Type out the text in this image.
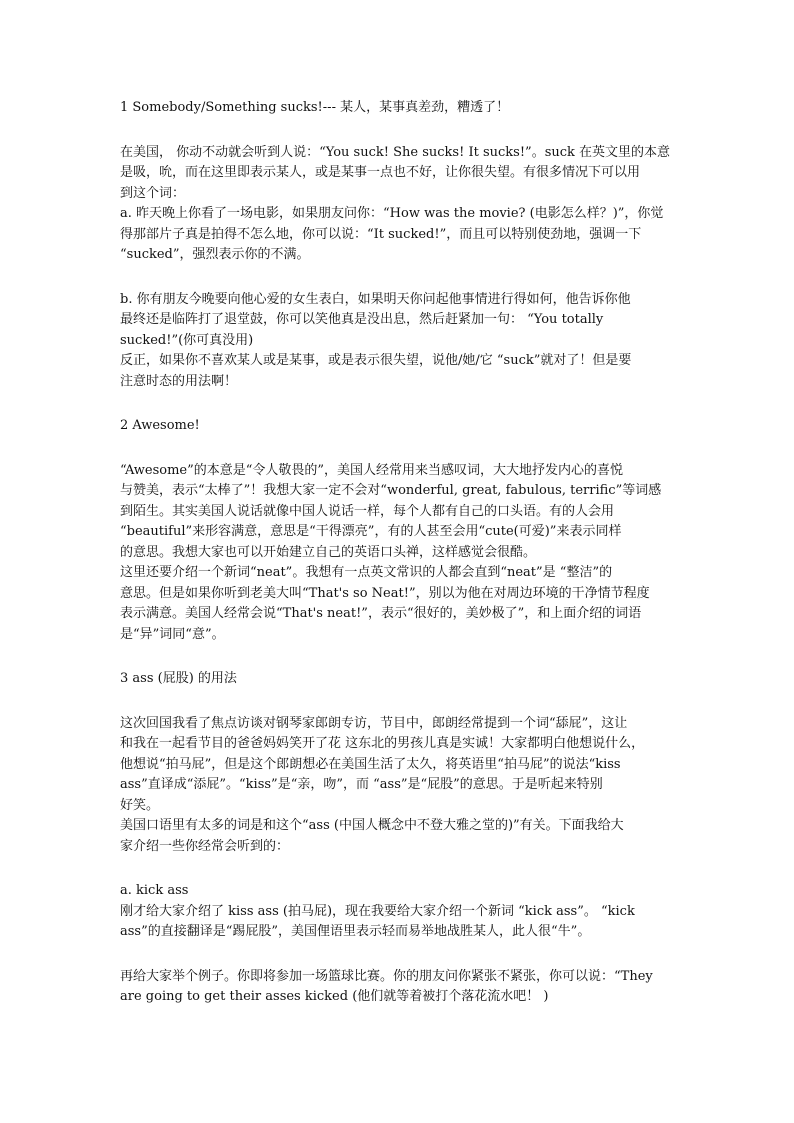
1 Somebody/Something sucks!--- 某人，某事真差劲，糟透了！
在美国， 你动不动就会听到人说：“You suck! She sucks! It sucks!”。suck 在英文里的本意
是吸，吮，而在这里即表示某人，或是某事一点也不好，让你很失望。有很多情况下可以用
到这个词：
a. 昨天晚上你看了一场电影，如果朋友问你：“How was the movie? (电影怎么样？)”，你觉
得那部片子真是拍得不怎么地，你可以说：“It sucked!”，而且可以特别使劲地，强调一下
“sucked”，强烈表示你的不满。
b. 你有朋友今晚要向他心爱的女生表白，如果明天你问起他事情进行得如何，他告诉你他
最终还是临阵打了退堂鼓，你可以笑他真是没出息，然后赶紧加一句： “You totally
sucked!”(你可真没用)
反正，如果你不喜欢某人或是某事，或是表示很失望，说他/她/它 “suck”就对了！但是要
注意时态的用法啊！
2 Awesome!
“Awesome”的本意是“令人敬畏的”，美国人经常用来当感叹词，大大地抒发内心的喜悦
与赞美，表示“太棒了”！我想大家一定不会对“wonderful, great, fabulous, terrific”等词感
到陌生。其实美国人说话就像中国人说话一样，每个人都有自己的口头语。有的人会用
“beautiful”来形容满意，意思是“干得漂亮”，有的人甚至会用“cute(可爱)”来表示同样
的意思。我想大家也可以开始建立自己的英语口头禅，这样感觉会很酷。
这里还要介绍一个新词“neat”。我想有一点英文常识的人都会直到“neat”是 “整洁”的
意思。但是如果你听到老美大叫“That's so Neat!”，别以为他在对周边环境的干净情节程度
表示满意。美国人经常会说“That's neat!”，表示“很好的，美妙极了”，和上面介绍的词语
是“异”词同“意”。
3 ass (屁股) 的用法
这次回国我看了焦点访谈对钢琴家郎朗专访，节目中，郎朗经常提到一个词“舔屁”，这让
和我在一起看节目的爸爸妈妈笑开了花 这东北的男孩儿真是实诚！大家都明白他想说什么，
他想说“拍马屁”，但是这个郎朗想必在美国生活了太久，将英语里“拍马屁”的说法“kiss
ass”直译成“添屁”。“kiss”是“亲，吻”，而 “ass”是“屁股”的意思。于是听起来特别
好笑。
美国口语里有太多的词是和这个“ass (中国人概念中不登大雅之堂的)”有关。下面我给大
家介绍一些你经常会听到的：
a. kick ass
刚才给大家介绍了 kiss ass (拍马屁)，现在我要给大家介绍一个新词 “kick ass”。 “kick
ass”的直接翻译是“踢屁股”，美国俚语里表示轻而易举地战胜某人，此人很“牛”。
再给大家举个例子。你即将参加一场篮球比赛。你的朋友问你紧张不紧张，你可以说：“They
are going to get their asses kicked (他们就等着被打个落花流水吧！ )
